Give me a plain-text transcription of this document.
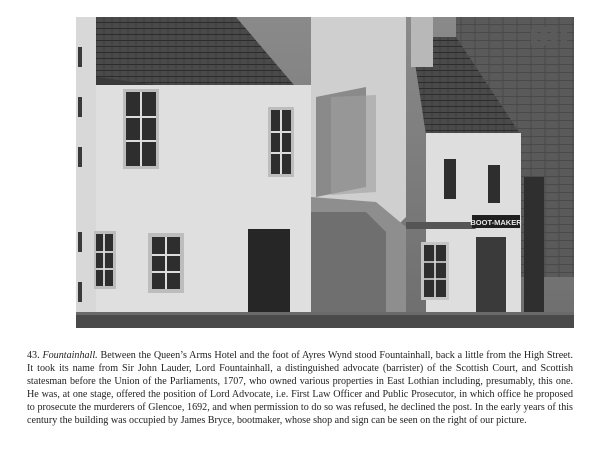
BOOT-MAKER
43. Fountainhall. Between the Queen’s Arms Hotel and the foot of Ayres Wynd stood Fountainhall, back a little from the High Street. It took its name from Sir John Lauder, Lord Fountainhall, a distinguished advocate (barrister) of the Scottish Court, and Scottish statesman before the Union of the Parliaments, 1707, who owned various properties in East Lothian including, presumably, this one. He was, at one stage, offered the position of Lord Advocate, i.e. First Law Officer and Public Prosecutor, in which office he proposed to prosecute the murderers of Glencoe, 1692, and when permission to do so was refused, he declined the post. In the early years of this century the building was occupied by James Bryce, bootmaker, whose shop and sign can be seen on the right of our picture.
